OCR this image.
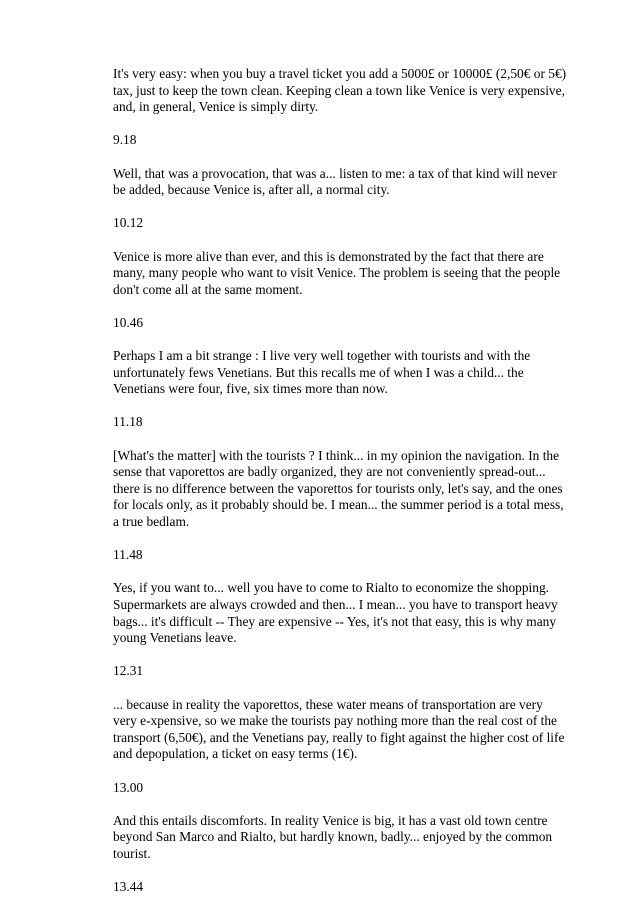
It's very easy: when you buy a travel ticket you add a 5000£ or 10000£ (2,50€ or 5€) tax, just to keep the town clean. Keeping clean a town like Venice is very expensive, and, in general, Venice is simply dirty.

9.18

Well, that was a provocation, that was a... listen to me: a tax of that kind will never be added, because Venice is, after all, a normal city.

10.12

Venice is more alive than ever, and this is demonstrated by the fact that there are many, many people who want to visit Venice. The problem is seeing that the people don't come all at the same moment.

10.46

Perhaps I am a bit strange : I live very well together with tourists and with the unfortunately fews Venetians. But this recalls me of when I was a child... the Venetians were four, five, six times more than now.

11.18

[What's the matter] with the tourists ? I think... in my opinion the navigation. In the sense that vaporettos are badly organized, they are not conveniently spread-out... there is no difference between the vaporettos for tourists only, let's say, and the ones for locals only, as it probably should be. I mean... the summer period is a total mess, a true bedlam.

11.48

Yes, if you want to... well you have to come to Rialto to economize the shopping. Supermarkets are always crowded and then... I mean... you have to transport heavy bags... it's difficult -- They are expensive -- Yes, it's not that easy, this is why many young Venetians leave.

12.31

... because in reality the vaporettos, these water means of transportation are very very e-xpensive, so we make the tourists pay nothing more than the real cost of the transport (6,50€), and the Venetians pay, really to fight against the higher cost of life and depopulation, a ticket on easy terms (1€).

13.00

And this entails discomforts. In reality Venice is big, it has a vast old town centre beyond San Marco and Rialto, but hardly known, badly... enjoyed by the common tourist.

13.44
